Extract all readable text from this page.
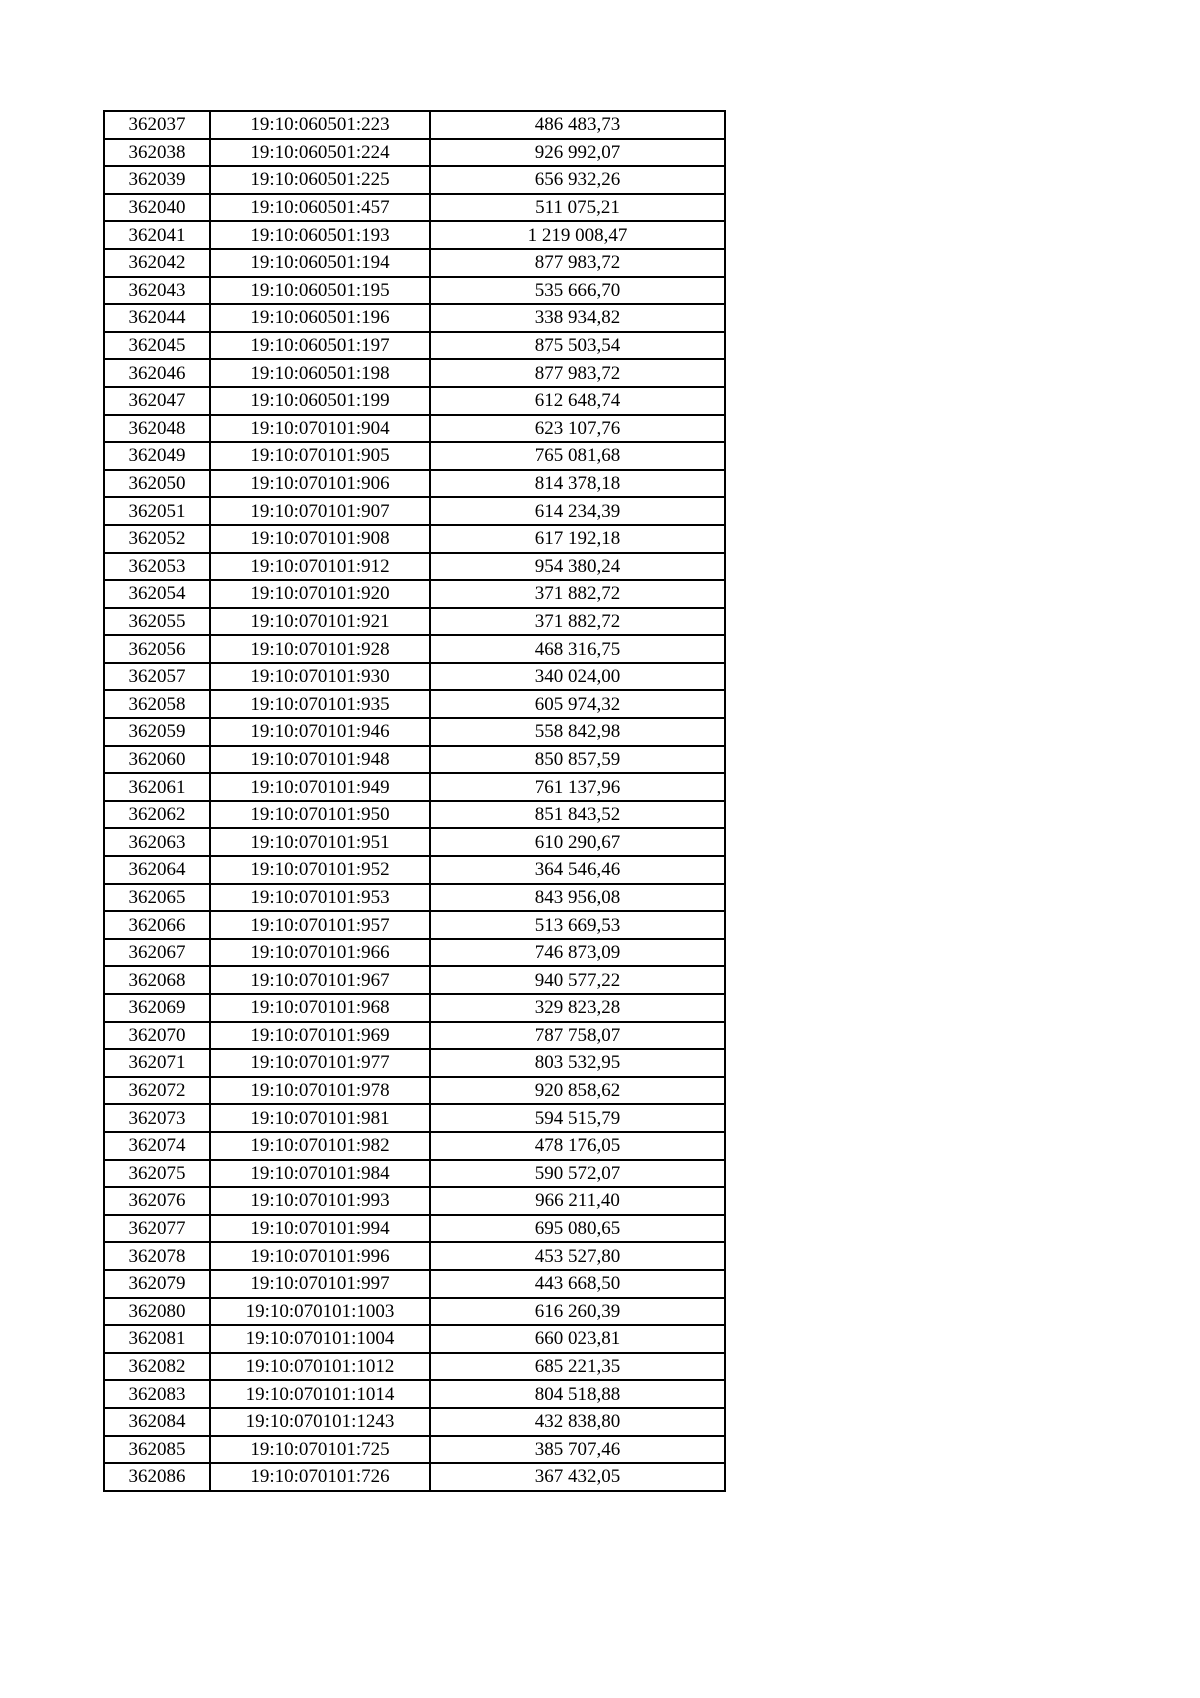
362037	19:10:060501:223	486 483,73
362038	19:10:060501:224	926 992,07
362039	19:10:060501:225	656 932,26
362040	19:10:060501:457	511 075,21
362041	19:10:060501:193	1 219 008,47
362042	19:10:060501:194	877 983,72
362043	19:10:060501:195	535 666,70
362044	19:10:060501:196	338 934,82
362045	19:10:060501:197	875 503,54
362046	19:10:060501:198	877 983,72
362047	19:10:060501:199	612 648,74
362048	19:10:070101:904	623 107,76
362049	19:10:070101:905	765 081,68
362050	19:10:070101:906	814 378,18
362051	19:10:070101:907	614 234,39
362052	19:10:070101:908	617 192,18
362053	19:10:070101:912	954 380,24
362054	19:10:070101:920	371 882,72
362055	19:10:070101:921	371 882,72
362056	19:10:070101:928	468 316,75
362057	19:10:070101:930	340 024,00
362058	19:10:070101:935	605 974,32
362059	19:10:070101:946	558 842,98
362060	19:10:070101:948	850 857,59
362061	19:10:070101:949	761 137,96
362062	19:10:070101:950	851 843,52
362063	19:10:070101:951	610 290,67
362064	19:10:070101:952	364 546,46
362065	19:10:070101:953	843 956,08
362066	19:10:070101:957	513 669,53
362067	19:10:070101:966	746 873,09
362068	19:10:070101:967	940 577,22
362069	19:10:070101:968	329 823,28
362070	19:10:070101:969	787 758,07
362071	19:10:070101:977	803 532,95
362072	19:10:070101:978	920 858,62
362073	19:10:070101:981	594 515,79
362074	19:10:070101:982	478 176,05
362075	19:10:070101:984	590 572,07
362076	19:10:070101:993	966 211,40
362077	19:10:070101:994	695 080,65
362078	19:10:070101:996	453 527,80
362079	19:10:070101:997	443 668,50
362080	19:10:070101:1003	616 260,39
362081	19:10:070101:1004	660 023,81
362082	19:10:070101:1012	685 221,35
362083	19:10:070101:1014	804 518,88
362084	19:10:070101:1243	432 838,80
362085	19:10:070101:725	385 707,46
362086	19:10:070101:726	367 432,05
